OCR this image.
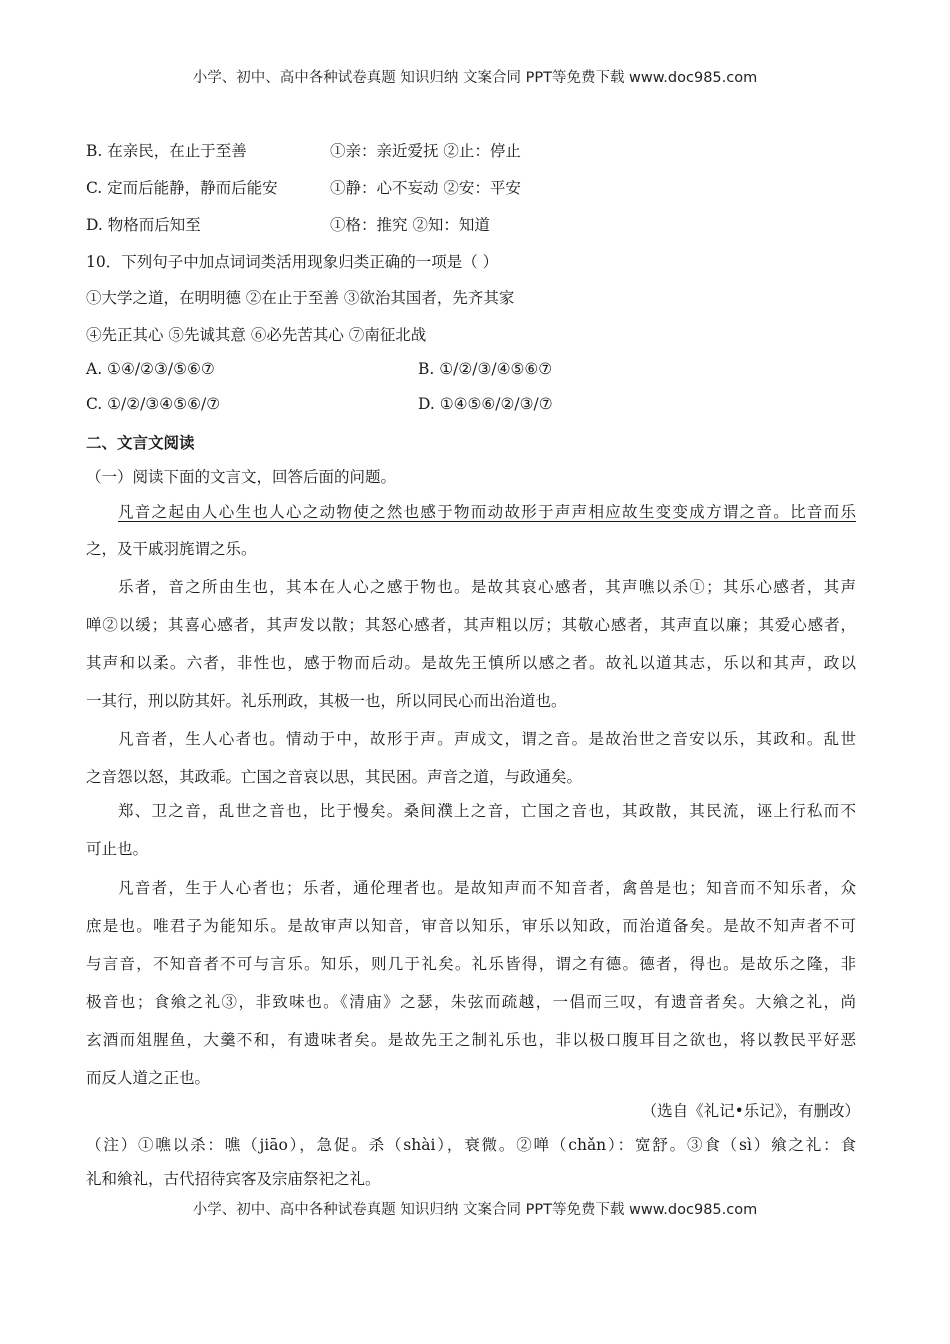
小学、初中、高中各种试卷真题 知识归纳 文案合同 PPT等免费下载 www.doc985.com
B. 在亲民，在止于至善	①亲：亲近爱抚 ②止：停止
C. 定而后能静，静而后能安	①静：心不妄动 ②安：平安
D. 物格而后知至	①格：推究 ②知：知道
10．下列句子中加点词词类活用现象归类正确的一项是（ ）
①大学之道，在明明德 ②在止于至善 ③欲治其国者，先齐其家
④先正其心 ⑤先诚其意 ⑥必先苦其心 ⑦南征北战
A. ①④/②③/⑤⑥⑦	B. ①/②/③/④⑤⑥⑦
C. ①/②/③④⑤⑥/⑦	D. ①④⑤⑥/②/③/⑦
二、文言文阅读
（一）阅读下面的文言文，回答后面的问题。
凡音之起由人心生也人心之动物使之然也感于物而动故形于声声相应故生变变成方谓之音。比音而乐
之，及干戚羽旄谓之乐。
乐者，音之所由生也，其本在人心之感于物也。是故其哀心感者，其声噍以杀①；其乐心感者，其声
啴②以缓；其喜心感者，其声发以散；其怒心感者，其声粗以厉；其敬心感者，其声直以廉；其爱心感者，
其声和以柔。六者，非性也，感于物而后动。是故先王慎所以感之者。故礼以道其志，乐以和其声，政以
一其行，刑以防其奸。礼乐刑政，其极一也，所以同民心而出治道也。
凡音者，生人心者也。情动于中，故形于声。声成文，谓之音。是故治世之音安以乐，其政和。乱世
之音怨以怒，其政乖。亡国之音哀以思，其民困。声音之道，与政通矣。
郑、卫之音，乱世之音也，比于慢矣。桑间濮上之音，亡国之音也，其政散，其民流，诬上行私而不
可止也。
凡音者，生于人心者也；乐者，通伦理者也。是故知声而不知音者，禽兽是也；知音而不知乐者，众
庶是也。唯君子为能知乐。是故审声以知音，审音以知乐，审乐以知政，而治道备矣。是故不知声者不可
与言音，不知音者不可与言乐。知乐，则几于礼矣。礼乐皆得，谓之有德。德者，得也。是故乐之隆，非
极音也；食飨之礼③，非致味也。《清庙》之瑟，朱弦而疏越，一倡而三叹，有遗音者矣。大飨之礼，尚
玄酒而俎腥鱼，大羹不和，有遗味者矣。是故先王之制礼乐也，非以极口腹耳目之欲也，将以教民平好恶
而反人道之正也。
（选自《礼记•乐记》，有删改）
（注）①噍以杀：噍（jiāo），急促。杀（shài），衰微。②啴（chǎn）：宽舒。③食（sì）飨之礼：食
礼和飨礼，古代招待宾客及宗庙祭祀之礼。
小学、初中、高中各种试卷真题 知识归纳 文案合同 PPT等免费下载 www.doc985.com
